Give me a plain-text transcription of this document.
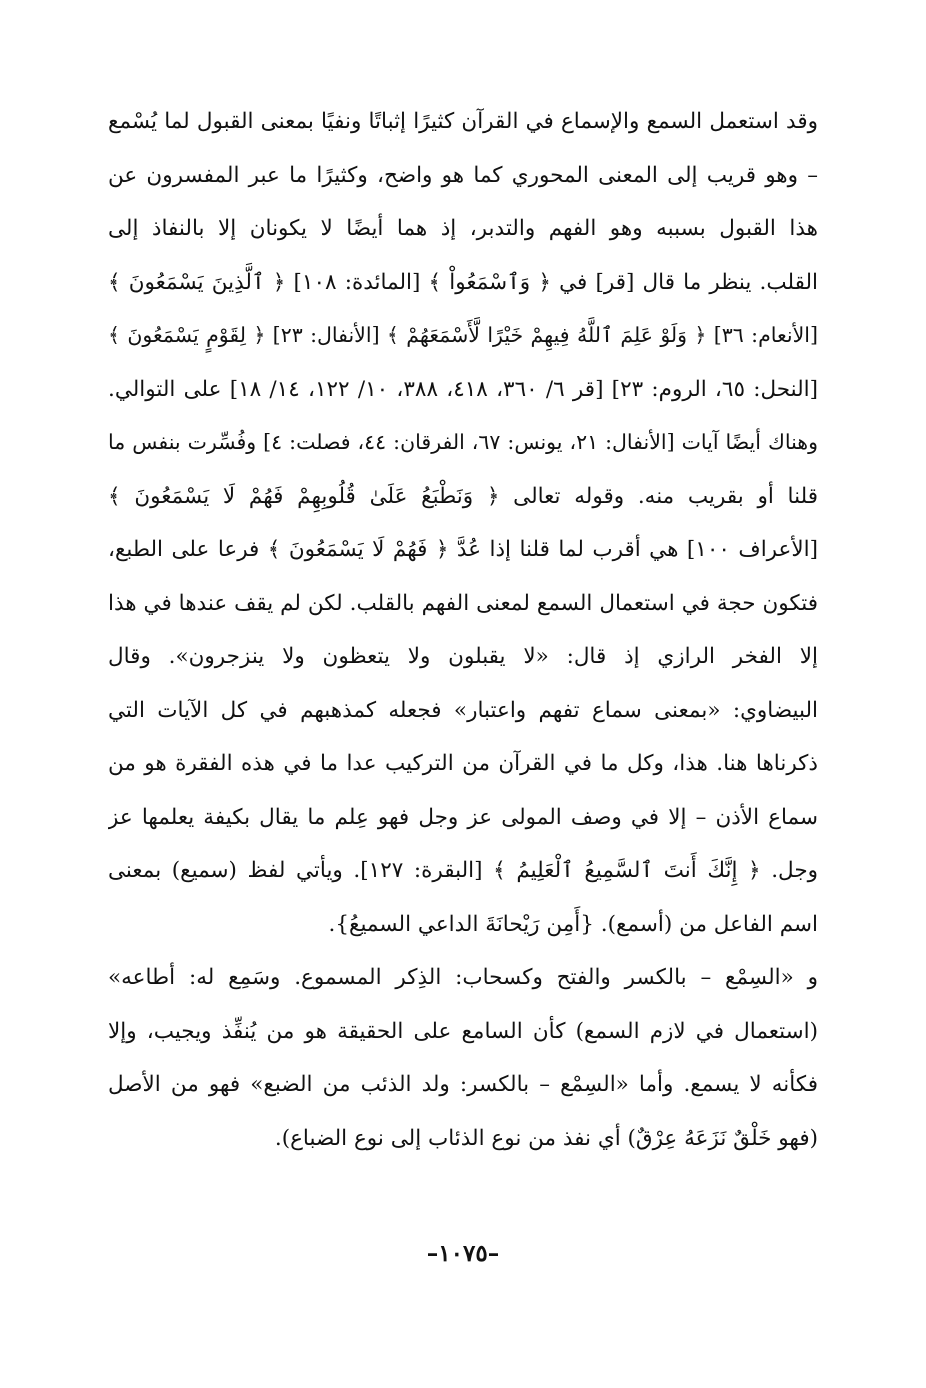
وقد استعمل السمع والإسماع في القرآن كثيرًا إثباتًا ونفيًا بمعنى القبول لما يُسْمع
– وهو قريب إلى المعنى المحوري كما هو واضح، وكثيرًا ما عبر المفسرون عن
هذا القبول بسببه وهو الفهم والتدبر، إذ هما أيضًا لا يكونان إلا بالنفاذ إلى
القلب. ينظر ما قال [قر] في ﴿ وَٱسْمَعُواْ ﴾ [المائدة: ١٠٨] ﴿ ٱلَّذِينَ يَسْمَعُونَ ﴾
[الأنعام: ٣٦] ﴿ وَلَوْ عَلِمَ ٱللَّهُ فِيهِمْ خَيْرًا لَّأَسْمَعَهُمْ ﴾ [الأنفال: ٢٣] ﴿ لِقَوْمٍ يَسْمَعُونَ ﴾
[النحل: ٦٥، الروم: ٢٣] [قر ٦/ ٣٦٠، ٤١٨، ٣٨٨، ١٠/ ١٢٢، ١٤/ ١٨] على التوالي.
وهناك أيضًا آيات [الأنفال: ٢١، يونس: ٦٧، الفرقان: ٤٤، فصلت: ٤] وفُسِّرت بنفس ما
قلنا أو بقريب منه. وقوله تعالى ﴿ وَنَطْبَعُ عَلَىٰ قُلُوبِهِمْ فَهُمْ لَا يَسْمَعُونَ ﴾
[الأعراف ١٠٠] هي أقرب لما قلنا إذا عُدَّ ﴿ فَهُمْ لَا يَسْمَعُونَ ﴾ فرعا على الطبع،
فتكون حجة في استعمال السمع لمعنى الفهم بالقلب. لكن لم يقف عندها في هذا
إلا الفخر الرازي إذ قال: «لا يقبلون ولا يتعظون ولا ينزجرون». وقال
البيضاوي: «بمعنى سماع تفهم واعتبار» فجعله كمذهبهم في كل الآيات التي
ذكرناها هنا. هذا، وكل ما في القرآن من التركيب عدا ما في هذه الفقرة هو من
سماع الأذن – إلا في وصف المولى عز وجل فهو عِلم ما يقال بكيفة يعلمها عز
وجل. ﴿ إِنَّكَ أَنتَ ٱلسَّمِيعُ ٱلْعَلِيمُ ﴾ [البقرة: ١٢٧]. ويأتي لفظ (سميع) بمعنى
اسم الفاعل من (أسمع). {أَمِن رَيْحانَةَ الداعي السميعُ}.
و «السِمْع – بالكسر والفتح وكسحاب: الذِكر المسموع. وسَمِع له: أطاعه»
(استعمال في لازم السمع) كأن السامع على الحقيقة هو من يُنفِّذ ويجيب، وإلا
فكأنه لا يسمع. وأما «السِمْع – بالكسر: ولد الذئب من الضبع» فهو من الأصل
(فهو خَلْقٌ نَزَعَهُ عِرْقٌ) أي نفذ من نوع الذئاب إلى نوع الضباع).
–١٠٧٥–
